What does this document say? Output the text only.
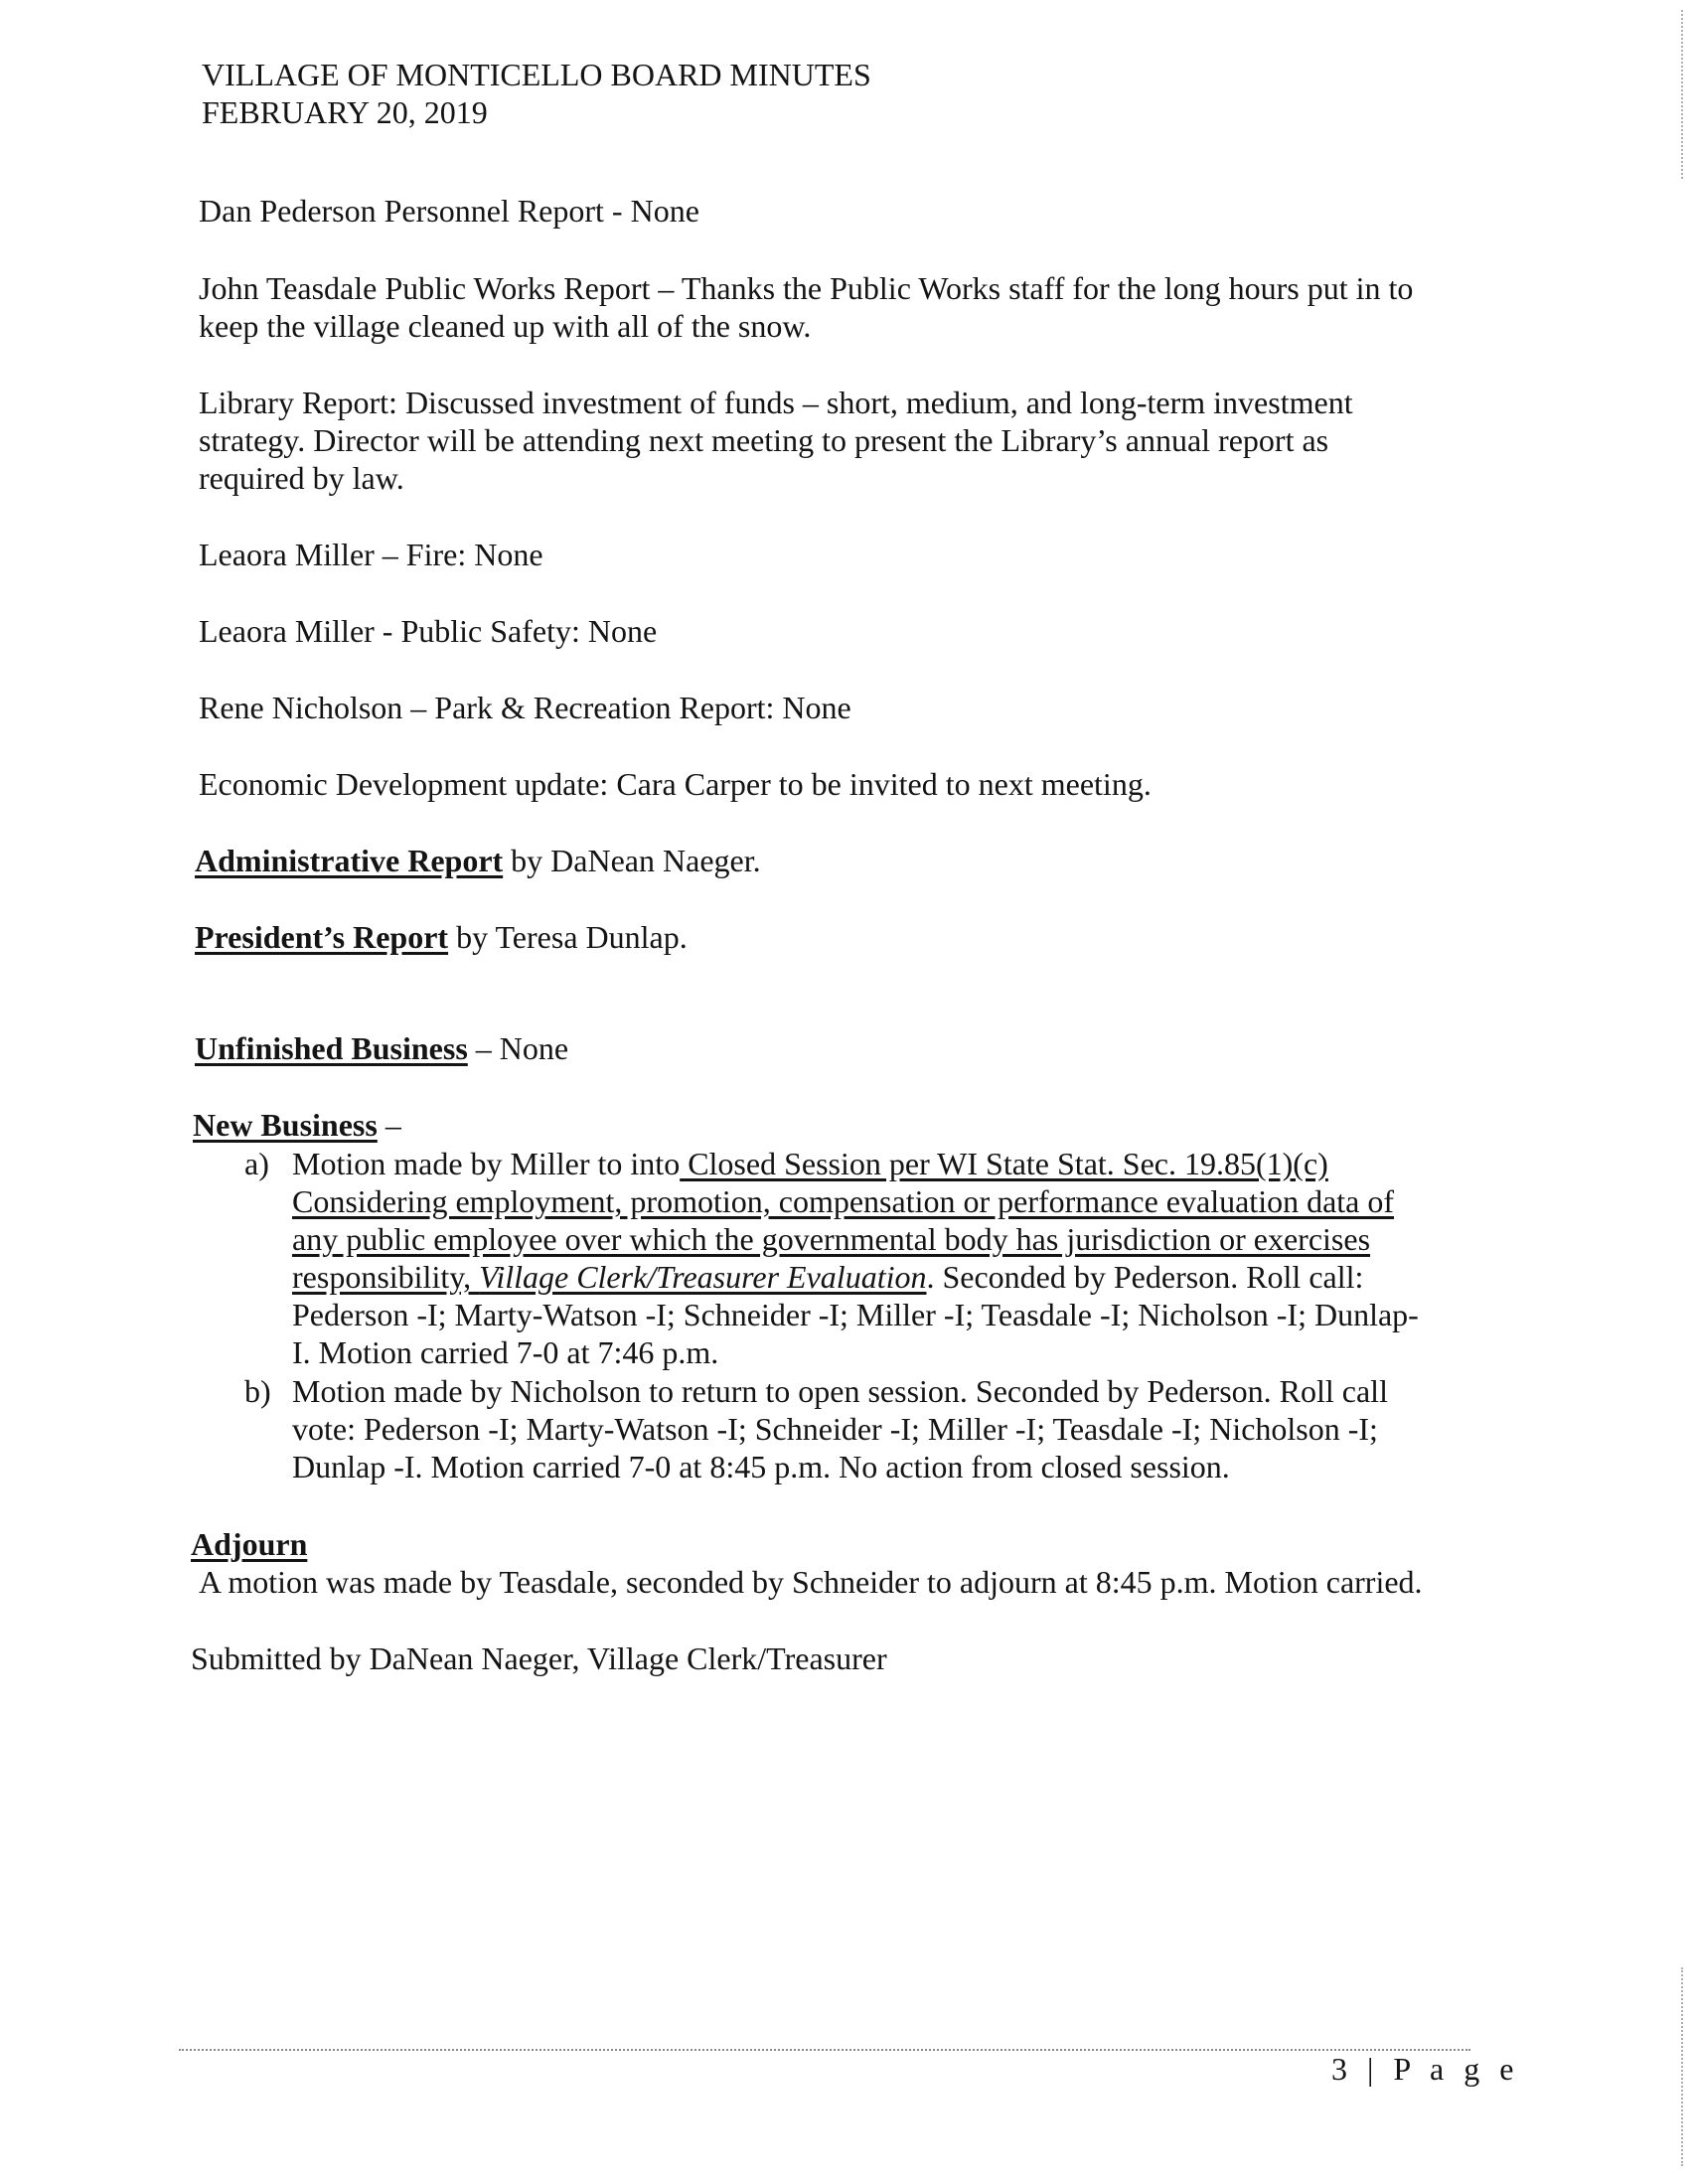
VILLAGE OF MONTICELLO BOARD MINUTES
FEBRUARY 20, 2019
Dan Pederson Personnel Report - None
John Teasdale Public Works Report – Thanks the Public Works staff for the long hours put in to
keep the village cleaned up with all of the snow.
Library Report: Discussed investment of funds – short, medium, and long-term investment
strategy. Director will be attending next meeting to present the Library’s annual report as
required by law.
Leaora Miller – Fire: None
Leaora Miller - Public Safety: None
Rene Nicholson – Park & Recreation Report: None
Economic Development update: Cara Carper to be invited to next meeting.
Administrative Report by DaNean Naeger.
President’s Report by Teresa Dunlap.
Unfinished Business – None
New Business –
a) Motion made by Miller to into Closed Session per WI State Stat. Sec. 19.85(1)(c)
Considering employment, promotion, compensation or performance evaluation data of
any public employee over which the governmental body has jurisdiction or exercises
responsibility, Village Clerk/Treasurer Evaluation. Seconded by Pederson. Roll call:
Pederson -I; Marty-Watson -I; Schneider -I; Miller -I; Teasdale -I; Nicholson -I; Dunlap-
I. Motion carried 7-0 at 7:46 p.m.
b) Motion made by Nicholson to return to open session. Seconded by Pederson. Roll call
vote: Pederson -I; Marty-Watson -I; Schneider -I; Miller -I; Teasdale -I; Nicholson -I;
Dunlap -I. Motion carried 7-0 at 8:45 p.m. No action from closed session.
Adjourn
A motion was made by Teasdale, seconded by Schneider to adjourn at 8:45 p.m. Motion carried.
Submitted by DaNean Naeger, Village Clerk/Treasurer
3 | P a g e
